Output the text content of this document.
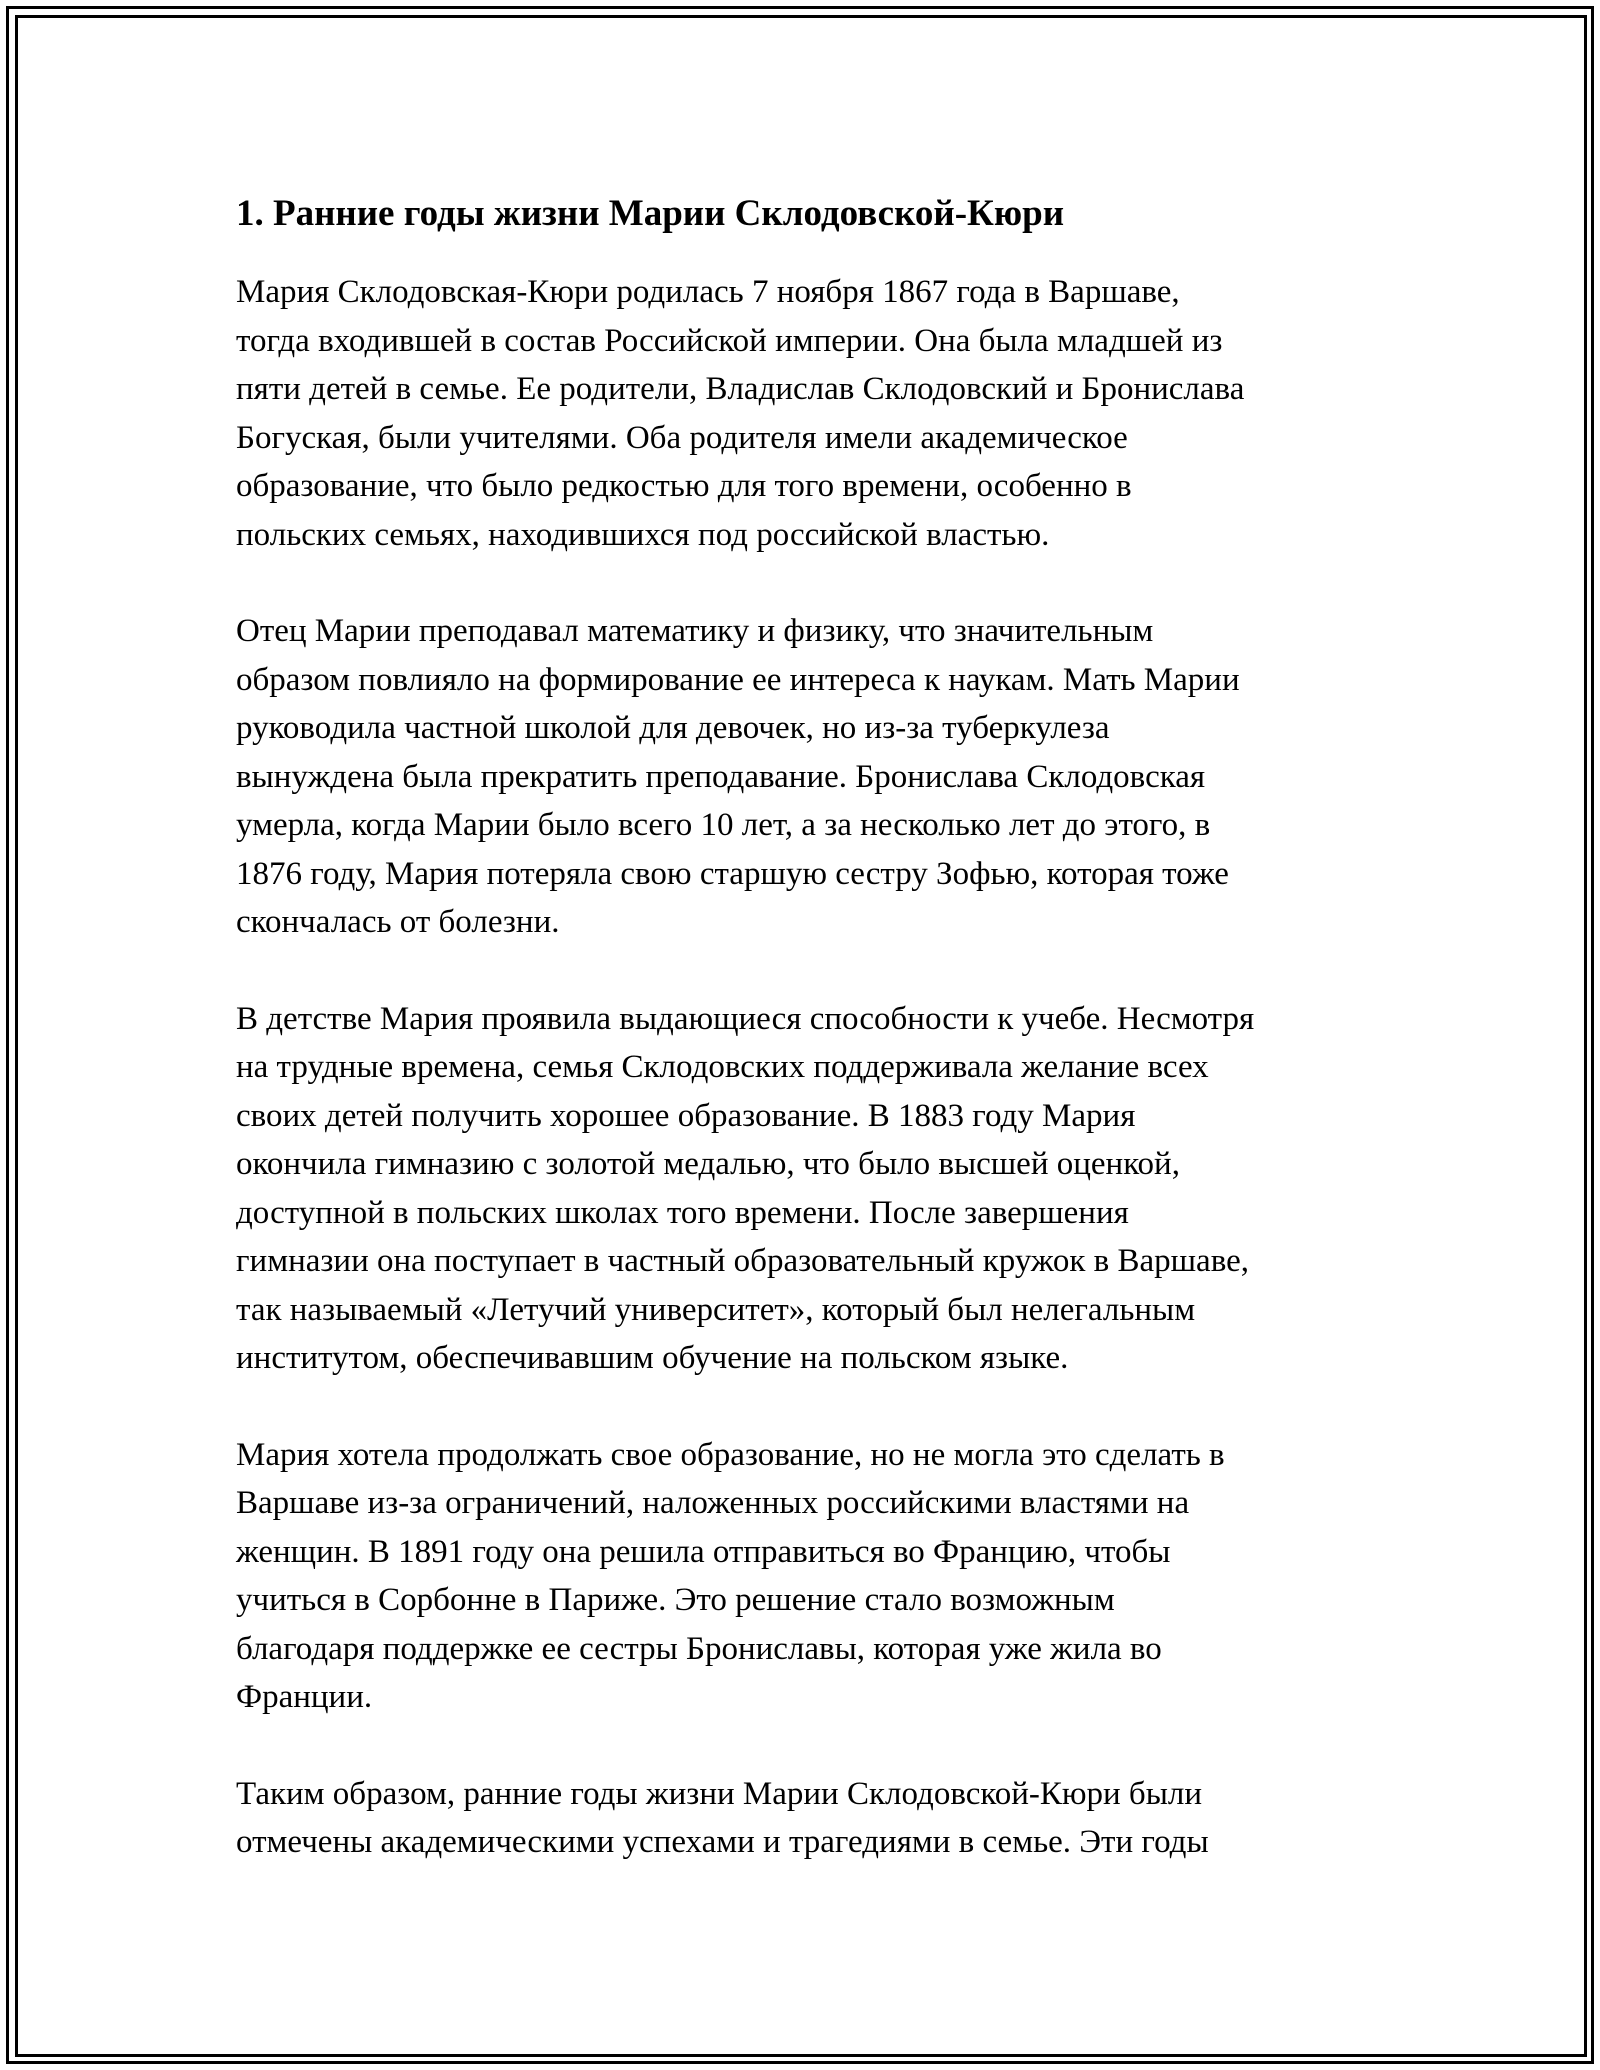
1. Ранние годы жизни Марии Склодовской-Кюри

Мария Склодовская-Кюри родилась 7 ноября 1867 года в Варшаве,
тогда входившей в состав Российской империи. Она была младшей из
пяти детей в семье. Ее родители, Владислав Склодовский и Бронислава
Богуская, были учителями. Оба родителя имели академическое
образование, что было редкостью для того времени, особенно в
польских семьях, находившихся под российской властью.

Отец Марии преподавал математику и физику, что значительным
образом повлияло на формирование ее интереса к наукам. Мать Марии
руководила частной школой для девочек, но из-за туберкулеза
вынуждена была прекратить преподавание. Бронислава Склодовская
умерла, когда Марии было всего 10 лет, а за несколько лет до этого, в
1876 году, Мария потеряла свою старшую сестру Зофью, которая тоже
скончалась от болезни.

В детстве Мария проявила выдающиеся способности к учебе. Несмотря
на трудные времена, семья Склодовских поддерживала желание всех
своих детей получить хорошее образование. В 1883 году Мария
окончила гимназию с золотой медалью, что было высшей оценкой,
доступной в польских школах того времени. После завершения
гимназии она поступает в частный образовательный кружок в Варшаве,
так называемый «Летучий университет», который был нелегальным
институтом, обеспечивавшим обучение на польском языке.

Мария хотела продолжать свое образование, но не могла это сделать в
Варшаве из-за ограничений, наложенных российскими властями на
женщин. В 1891 году она решила отправиться во Францию, чтобы
учиться в Сорбонне в Париже. Это решение стало возможным
благодаря поддержке ее сестры Брониславы, которая уже жила во
Франции.

Таким образом, ранние годы жизни Марии Склодовской-Кюри были
отмечены академическими успехами и трагедиями в семье. Эти годы
